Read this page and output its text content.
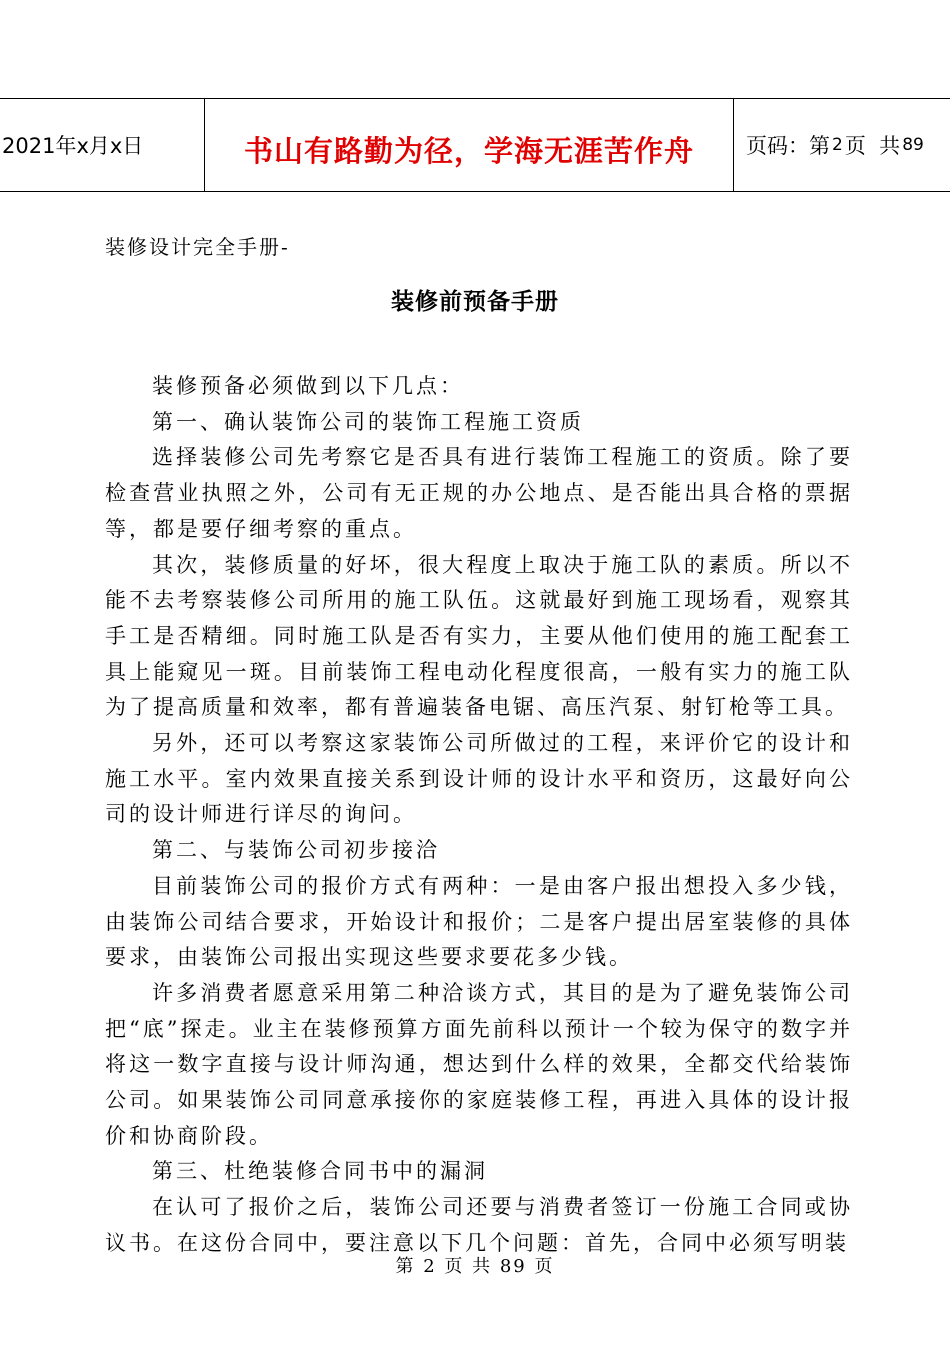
2021年x月x日	书山有路勤为径，学海无涯苦作舟	页码：第 2 页  共 89
装修设计完全手册-
装修前预备手册

装修预备必须做到以下几点：

第一、确认装饰公司的装饰工程施工资质

选择装修公司先考察它是否具有进行装饰工程施工的资质。除了要检查营业执照之外，公司有无正规的办公地点、是否能出具合格的票据等，都是要仔细考察的重点。

其次，装修质量的好坏，很大程度上取决于施工队的素质。所以不能不去考察装修公司所用的施工队伍。这就最好到施工现场看，观察其手工是否精细。同时施工队是否有实力，主要从他们使用的施工配套工具上能窥见一斑。目前装饰工程电动化程度很高，一般有实力的施工队为了提高质量和效率，都有普遍装备电锯、高压汽泵、射钉枪等工具。

另外，还可以考察这家装饰公司所做过的工程，来评价它的设计和施工水平。室内效果直接关系到设计师的设计水平和资历，这最好向公司的设计师进行详尽的询问。

第二、与装饰公司初步接洽

目前装饰公司的报价方式有两种：一是由客户报出想投入多少钱，由装饰公司结合要求，开始设计和报价；二是客户提出居室装修的具体要求，由装饰公司报出实现这些要求要花多少钱。

许多消费者愿意采用第二种洽谈方式，其目的是为了避免装饰公司把“底”探走。业主在装修预算方面先前科以预计一个较为保守的数字并将这一数字直接与设计师沟通，想达到什么样的效果，全都交代给装饰公司。如果装饰公司同意承接你的家庭装修工程，再进入具体的设计报价和协商阶段。

第三、杜绝装修合同书中的漏洞

在认可了报价之后，装饰公司还要与消费者签订一份施工合同或协议书。在这份合同中，要注意以下几个问题：首先，合同中必须写明装

第 2 页 共 89 页
